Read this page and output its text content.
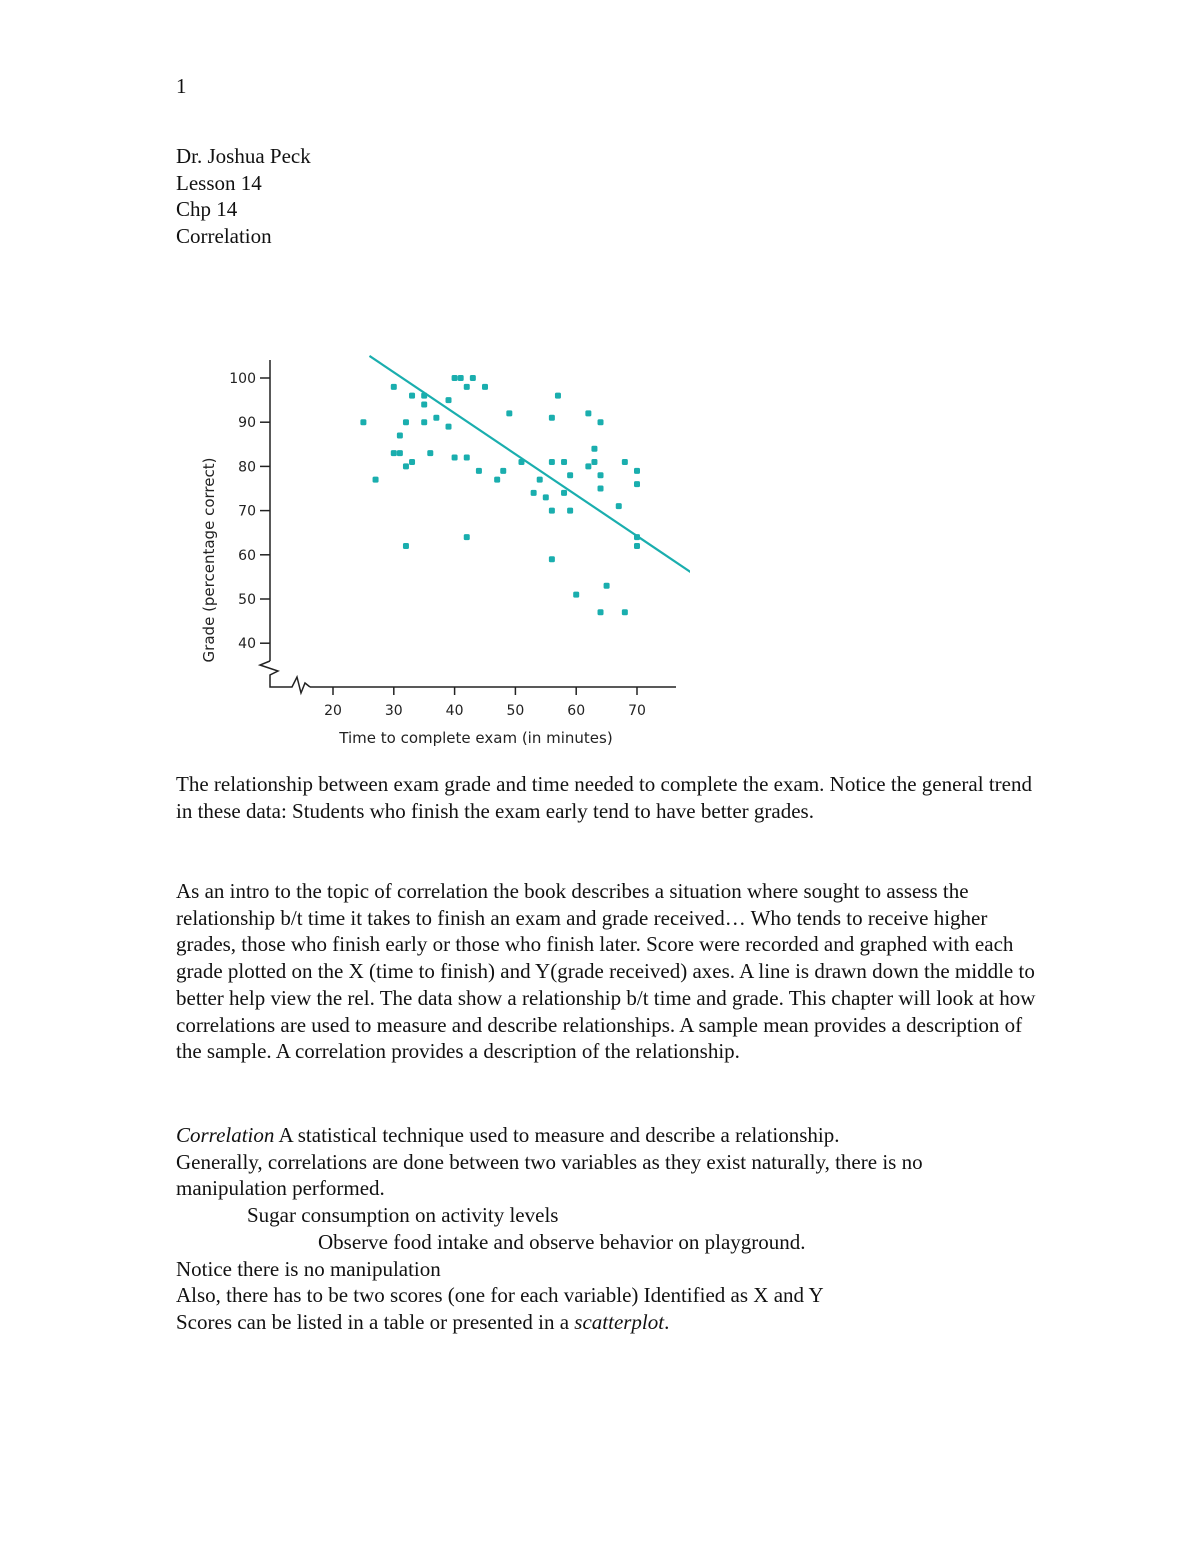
1
Dr. Joshua Peck
Lesson 14
Chp 14
Correlation
40
50
60
70
80
90
100
20	30	40	50	60	70
Time to complete exam (in minutes)
Grade (percentage correct)
The relationship between exam grade and time needed to complete the exam. Notice the general trend in these data: Students who finish the exam early tend to have better grades.
As an intro to the topic of correlation the book describes a situation where sought to assess the relationship b/t time it takes to finish an exam and grade received… Who tends to receive higher grades, those who finish early or those who finish later. Score were recorded and graphed with each grade plotted on the X (time to finish) and Y(grade received) axes. A line is drawn down the middle to better help view the rel. The data show a relationship b/t time and grade. This chapter will look at how correlations are used to measure and describe relationships. A sample mean provides a description of the sample. A correlation provides a description of the relationship.
Correlation A statistical technique used to measure and describe a relationship.
Generally, correlations are done between two variables as they exist naturally, there is no
manipulation performed.
Sugar consumption on activity levels
Observe food intake and observe behavior on playground.
Notice there is no manipulation
Also, there has to be two scores (one for each variable) Identified as X and Y
Scores can be listed in a table or presented in a scatterplot.
